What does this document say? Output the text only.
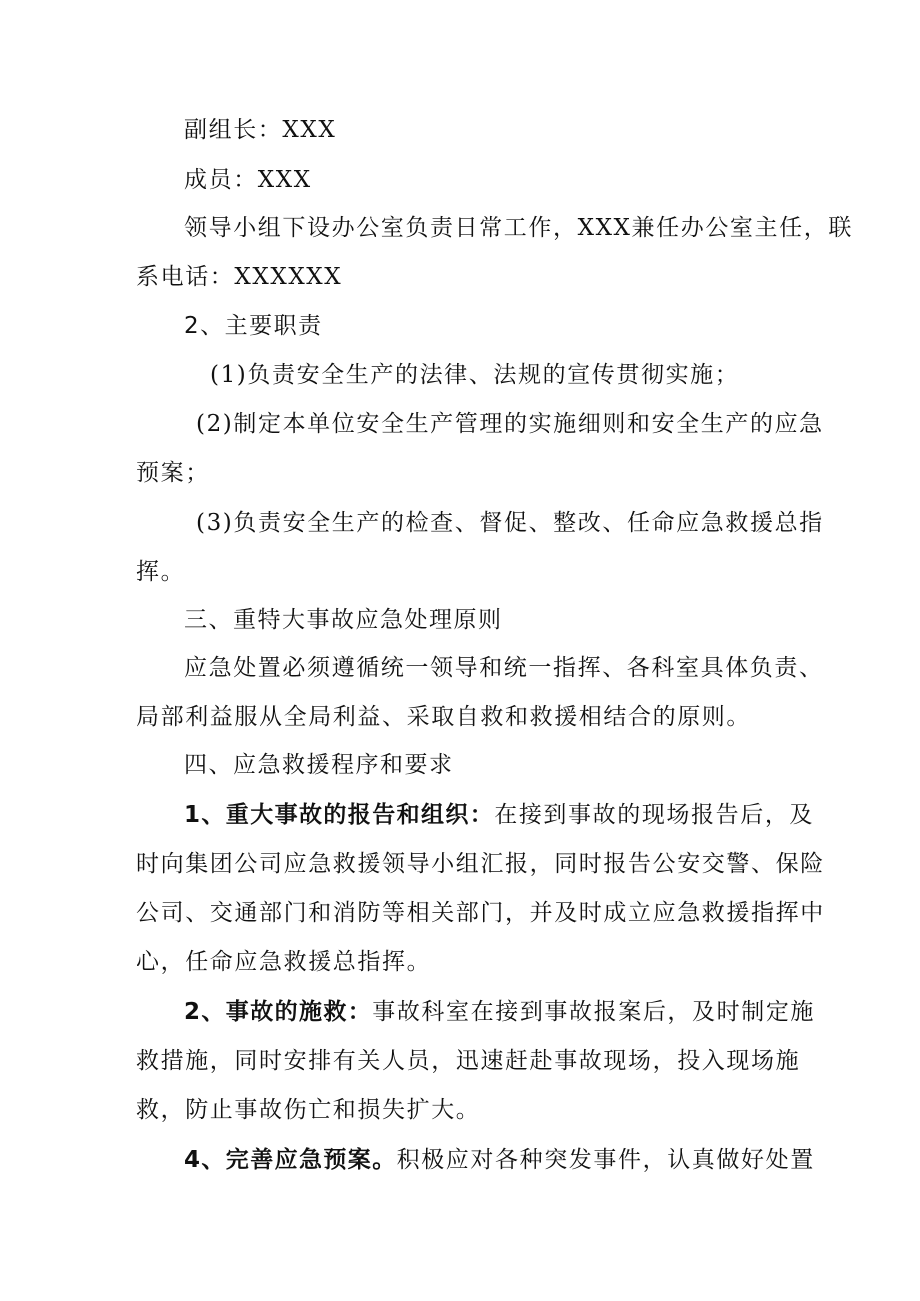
副组长：XXX
成员：XXX
领导小组下设办公室负责日常工作，XXX兼任办公室主任，联
系电话：XXXXXX
2、主要职责
(1)负责安全生产的法律、法规的宣传贯彻实施；
(2)制定本单位安全生产管理的实施细则和安全生产的应急
预案；
(3)负责安全生产的检查、督促、整改、任命应急救援总指
挥。
三、重特大事故应急处理原则
应急处置必须遵循统一领导和统一指挥、各科室具体负责、
局部利益服从全局利益、采取自救和救援相结合的原则。
四、应急救援程序和要求
1、重大事故的报告和组织：在接到事故的现场报告后，及
时向集团公司应急救援领导小组汇报，同时报告公安交警、保险
公司、交通部门和消防等相关部门，并及时成立应急救援指挥中
心，任命应急救援总指挥。
2、事故的施救：事故科室在接到事故报案后，及时制定施
救措施，同时安排有关人员，迅速赶赴事故现场，投入现场施
救，防止事故伤亡和损失扩大。
4、完善应急预案。积极应对各种突发事件，认真做好处置
